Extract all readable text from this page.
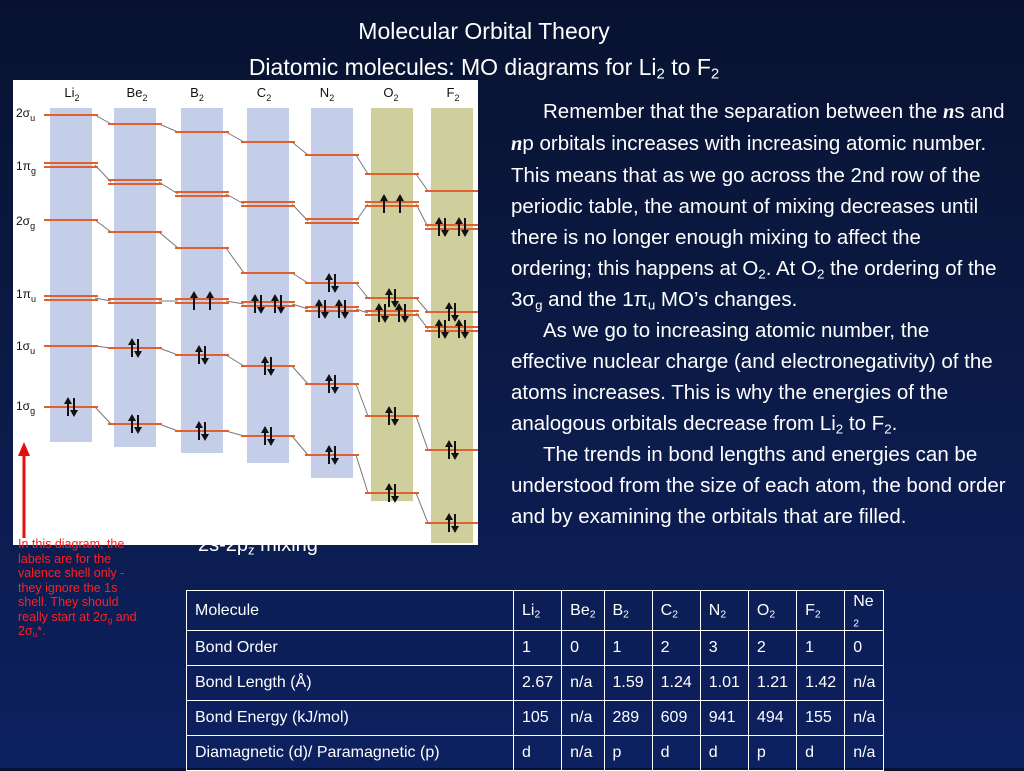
Molecular Orbital Theory
Diatomic molecules: MO diagrams for $Li_2$ to $F_2$
$Li_2$	$Be_2$	$B_2$	$C_2$	$N_2$	$O_2$	$F_2$
$2\sigma_u$
$1\pi_g$
$2\sigma_g$
$1\pi_u$
$1\sigma_u$
$1\sigma_g$
$2s-2p_z$ mixing
In this diagram, the labels are for the valence shell only - they ignore the 1s shell. They should really start at $2\sigma_g$ and $2\sigma_u*$.

Remember that the separation between the ns and np orbitals increases with increasing atomic number. This means that as we go across the 2nd row of the periodic table, the amount of mixing decreases until there is no longer enough mixing to affect the ordering; this happens at $O_2$. At $O_2$ the ordering of the $3\sigma_g$ and the $1\pi_u$ MO’s changes.

As we go to increasing atomic number, the effective nuclear charge (and electronegativity) of the atoms increases. This is why the energies of the analogous orbitals decrease from $Li_2$ to $F_2$.

The trends in bond lengths and energies can be understood from the size of each atom, the bond order and by examining the orbitals that are filled.

Molecule	$Li_2$	$Be_2$	$B_2$	$C_2$	$N_2$	$O_2$	$F_2$	Ne
$_2$
Bond Order	1	0	1	2	3	2	1	0
Bond Length (Å)	2.67	n/a	1.59	1.24	1.01	1.21	1.42	n/a
Bond Energy (kJ/mol)	105	n/a	289	609	941	494	155	n/a
Diamagnetic (d)/ Paramagnetic (p)	d	n/a	p	d	d	p	d	n/a
